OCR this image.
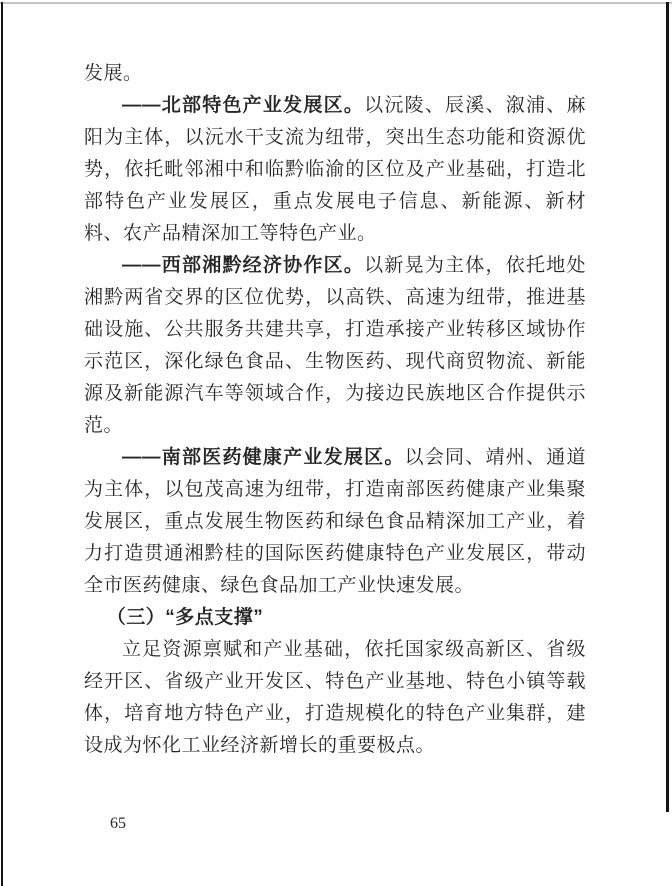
发展。

——北部特色产业发展区。以沅陵、辰溪、溆浦、麻阳为主体，以沅水干支流为纽带，突出生态功能和资源优势，依托毗邻湘中和临黔临渝的区位及产业基础，打造北部特色产业发展区，重点发展电子信息、新能源、新材料、农产品精深加工等特色产业。

——西部湘黔经济协作区。以新晃为主体，依托地处湘黔两省交界的区位优势，以高铁、高速为纽带，推进基础设施、公共服务共建共享，打造承接产业转移区域协作示范区，深化绿色食品、生物医药、现代商贸物流、新能源及新能源汽车等领域合作，为接边民族地区合作提供示范。

——南部医药健康产业发展区。以会同、靖州、通道为主体，以包茂高速为纽带，打造南部医药健康产业集聚发展区，重点发展生物医药和绿色食品精深加工产业，着力打造贯通湘黔桂的国际医药健康特色产业发展区，带动全市医药健康、绿色食品加工产业快速发展。

（三）“多点支撑”

立足资源禀赋和产业基础，依托国家级高新区、省级经开区、省级产业开发区、特色产业基地、特色小镇等载体，培育地方特色产业，打造规模化的特色产业集群，建设成为怀化工业经济新增长的重要极点。

65
